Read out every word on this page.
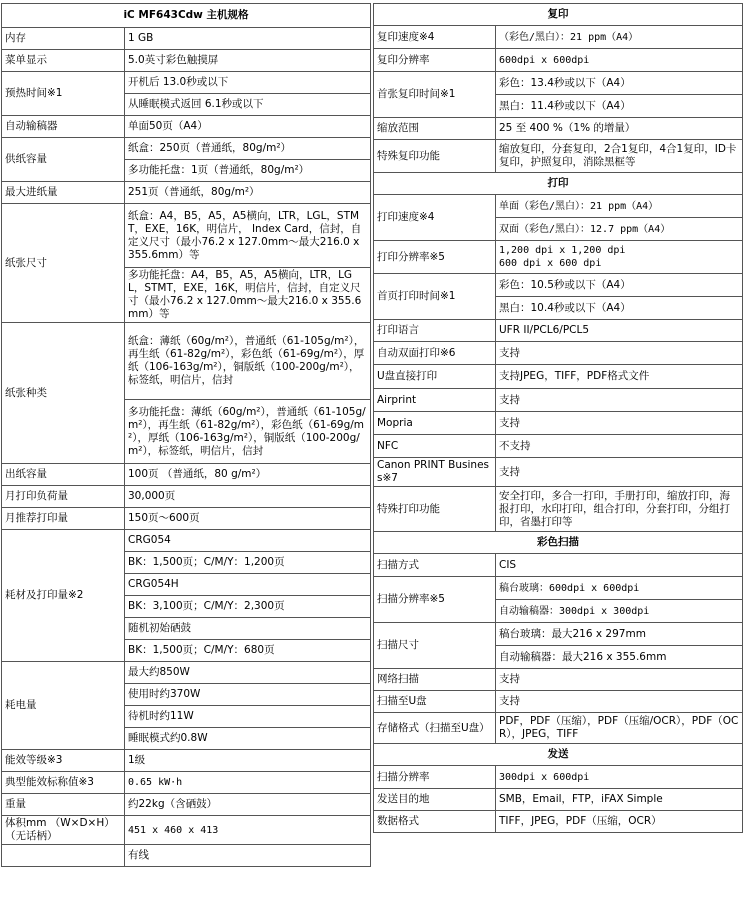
iC MF643Cdw 主机规格	
内存	1 GB
菜单显示	5.0英寸彩色触摸屏
预热时间※1	开机后 13.0秒或以下
	从睡眠模式返回 6.1秒或以下
自动输稿器	单面50页（A4）
供纸容量	纸盒：250页（普通纸，80g/m²）
	多功能托盘：1页（普通纸，80g/m²）
最大进纸量	251页（普通纸，80g/m²）
纸张尺寸	纸盒：A4，B5，A5，A5横向，LTR，LGL，STMT，EXE，16K，明信片， Index Card，信封，自定义尺寸（最小76.2 x 127.0mm～最大216.0 x 355.6mm）等
	多功能托盘：A4，B5，A5，A5横向，LTR，LGL，STMT，EXE，16K，明信片，信封，自定义尺寸（最小76.2 x 127.0mm～最大216.0 x 355.6mm）等
纸张种类	纸盒：薄纸（60g/m²），普通纸（61-105g/m²），再生纸（61-82g/m²），彩色纸（61-69g/m²），厚纸（106-163g/m²），铜版纸（100-200g/m²），标签纸，明信片，信封
	多功能托盘：薄纸（60g/m²），普通纸（61-105g/m²），再生纸（61-82g/m²），彩色纸（61-69g/m²），厚纸（106-163g/m²），铜版纸（100-200g/m²），标签纸，明信片，信封
出纸容量	100页 （普通纸，80 g/m²）
月打印负荷量	30,000页
月推荐打印量	150页～600页
耗材及打印量※2	CRG054
	BK：1,500页；C/M/Y：1,200页
	CRG054H
	BK：3,100页；C/M/Y：2,300页
	随机初始硒鼓
	BK：1,500页；C/M/Y：680页
耗电量	最大约850W
	使用时约370W
	待机时约11W
	睡眠模式约0.8W
能效等级※3	1级
典型能效标称值※3	0.65 kW·h
重量	约22kg（含硒鼓）
体积mm （W×D×H）（无话柄）	451 x 460 x 413
	有线
复印	
复印速度※4	（彩色/黑白）：21 ppm（A4）
复印分辨率	600dpi x 600dpi
首张复印时间※1	彩色：13.4秒或以下（A4）
	黑白：11.4秒或以下（A4）
缩放范围	25 至 400 %（1% 的增量）
特殊复印功能	缩放复印，分套复印，2合1复印，4合1复印，ID卡复印，护照复印，消除黑框等
打印	
打印速度※4	单面（彩色/黑白）：21 ppm（A4）
	双面（彩色/黑白）：12.7 ppm（A4）
打印分辨率※5	1,200 dpi x 1,200 dpi
600 dpi x 600 dpi
首页打印时间※1	彩色：10.5秒或以下（A4）
	黑白：10.4秒或以下（A4）
打印语言	UFR II/PCL6/PCL5
自动双面打印※6	支持
U盘直接打印	支持JPEG，TIFF，PDF格式文件
Airprint	支持
Mopria	支持
NFC	不支持
Canon PRINT Business※7	支持
特殊打印功能	安全打印，多合一打印，手册打印，缩放打印，海报打印，水印打印，组合打印，分套打印，分组打印，省墨打印等
彩色扫描	
扫描方式	CIS
扫描分辨率※5	稿台玻璃：600dpi x 600dpi
	自动输稿器：300dpi x 300dpi
扫描尺寸	稿台玻璃：最大216 x 297mm
	自动输稿器：最大216 x 355.6mm
网络扫描	支持
扫描至U盘	支持
存储格式（扫描至U盘）	PDF，PDF（压缩），PDF（压缩/OCR），PDF（OCR），JPEG，TIFF
发送	
扫描分辨率	300dpi x 600dpi
发送目的地	SMB，Email，FTP，iFAX Simple
数据格式	TIFF，JPEG，PDF（压缩，OCR）
